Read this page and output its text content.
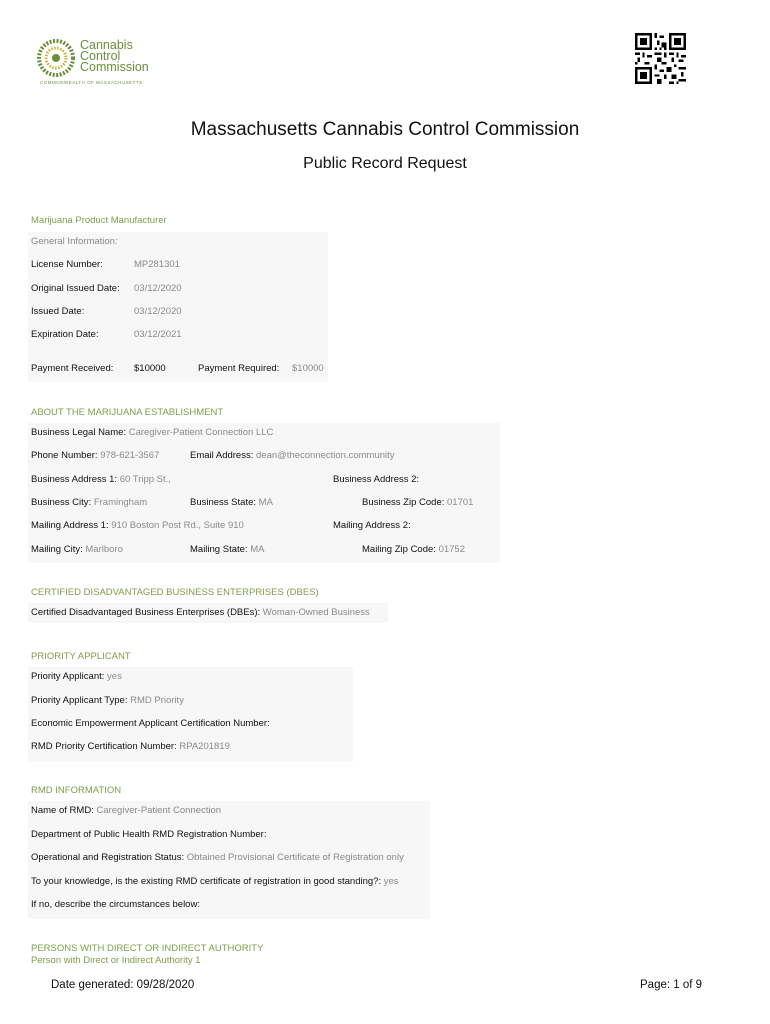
Cannabis
Control
Commission
COMMONWEALTH OF MASSACHUSETTS
Massachusetts Cannabis Control Commission
Public Record Request
Marijuana Product Manufacturer
General Information:
License Number:	MP281301
Original Issued Date: 03/12/2020
Issued Date:	03/12/2020
Expiration Date:	03/12/2021
Payment Received: $10000	Payment Required: $10000
ABOUT THE MARIJUANA ESTABLISHMENT
Business Legal Name: Caregiver-Patient Connection LLC
Phone Number: 978-621-3567	Email Address: dean@theconnection.community
Business Address 1: 60 Tripp St.,	Business Address 2:
Business City: Framingham	Business State: MA	Business Zip Code: 01701
Mailing Address 1: 910 Boston Post Rd., Suite 910	Mailing Address 2:
Mailing City: Marlboro	Mailing State: MA	Mailing Zip Code: 01752
CERTIFIED DISADVANTAGED BUSINESS ENTERPRISES (DBES)
Certified Disadvantaged Business Enterprises (DBEs): Woman-Owned Business
PRIORITY APPLICANT
Priority Applicant: yes
Priority Applicant Type: RMD Priority
Economic Empowerment Applicant Certification Number:
RMD Priority Certification Number: RPA201819
RMD INFORMATION
Name of RMD: Caregiver-Patient Connection
Department of Public Health RMD Registration Number:
Operational and Registration Status: Obtained Provisional Certificate of Registration only
To your knowledge, is the existing RMD certificate of registration in good standing?: yes
If no, describe the circumstances below:
PERSONS WITH DIRECT OR INDIRECT AUTHORITY
Person with Direct or Indirect Authority 1
Date generated: 09/28/2020	Page: 1 of 9
